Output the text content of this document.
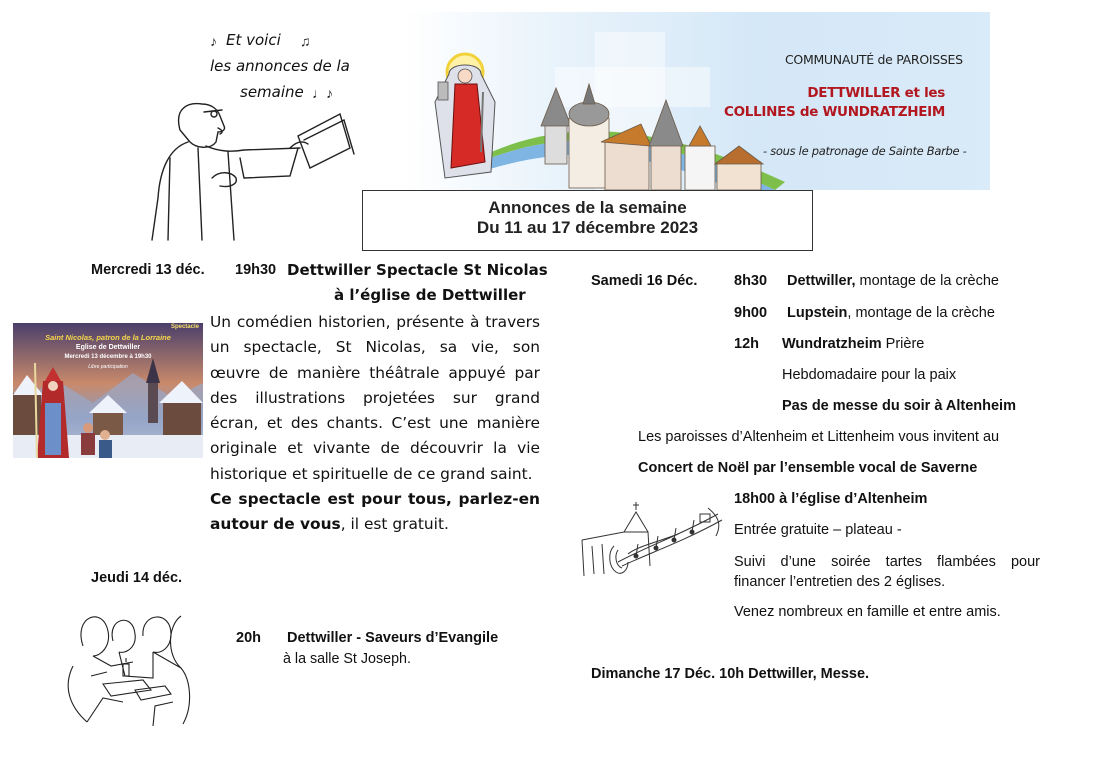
Et voici
les annonces de la
semaine
♪	♫
♩♪
COMMUNAUTÉ de PAROISSES
DETTWILLER et les
COLLINES de WUNDRATZHEIM
- sous le patronage de Sainte Barbe -
Annonces de la semaine
Du 11 au 17 décembre 2023
Mercredi 13 déc. 19h30 Dettwiller Spectacle St Nicolas
à l’église de Dettwiller
Spectacle
Saint Nicolas, patron de la Lorraine
Eglise de Dettwiller
Mercredi 13 décembre à 19h30
Libre participation

Un comédien historien, présente à travers un spectacle, St Nicolas, sa vie, son œuvre de manière théâtrale appuyé par des illustrations projetées sur grand écran, et des chants. C’est une manière originale et vivante de découvrir la vie historique et spirituelle de ce grand saint.

Ce spectacle est pour tous, parlez-en autour de vous, il est gratuit.

Jeudi 14 déc.
20h Dettwiller - Saveurs d’Evangile
à la salle St Joseph.
Samedi 16 Déc.	8h30 Dettwiller, montage de la crèche
9h00 Lupstein, montage de la crèche
12h Wundratzheim Prière
Hebdomadaire pour la paix
Pas de messe du soir à Altenheim
Les paroisses d’Altenheim et Littenheim vous invitent au
Concert de Noël par l’ensemble vocal de Saverne
18h00 à l’église d’Altenheim
Entrée gratuite – plateau -
Suivi d’une soirée tartes flambées pour financer l’entretien des 2 églises.
Venez nombreux en famille et entre amis.
Dimanche 17 Déc. 10h Dettwiller, Messe.
